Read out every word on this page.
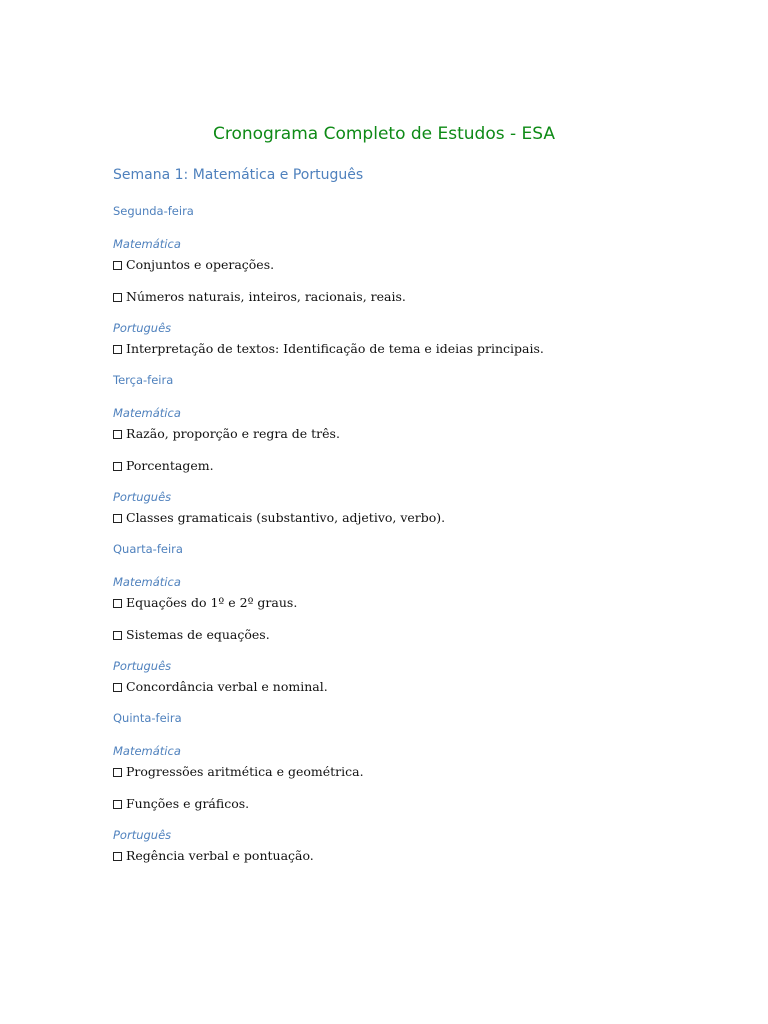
Cronograma Completo de Estudos - ESA
Semana 1: Matemática e Português
Segunda-feira
Matemática
Conjuntos e operações.
Números naturais, inteiros, racionais, reais.
Português
Interpretação de textos: Identificação de tema e ideias principais.
Terça-feira
Matemática
Razão, proporção e regra de três.
Porcentagem.
Português
Classes gramaticais (substantivo, adjetivo, verbo).
Quarta-feira
Matemática
Equações do 1º e 2º graus.
Sistemas de equações.
Português
Concordância verbal e nominal.
Quinta-feira
Matemática
Progressões aritmética e geométrica.
Funções e gráficos.
Português
Regência verbal e pontuação.
